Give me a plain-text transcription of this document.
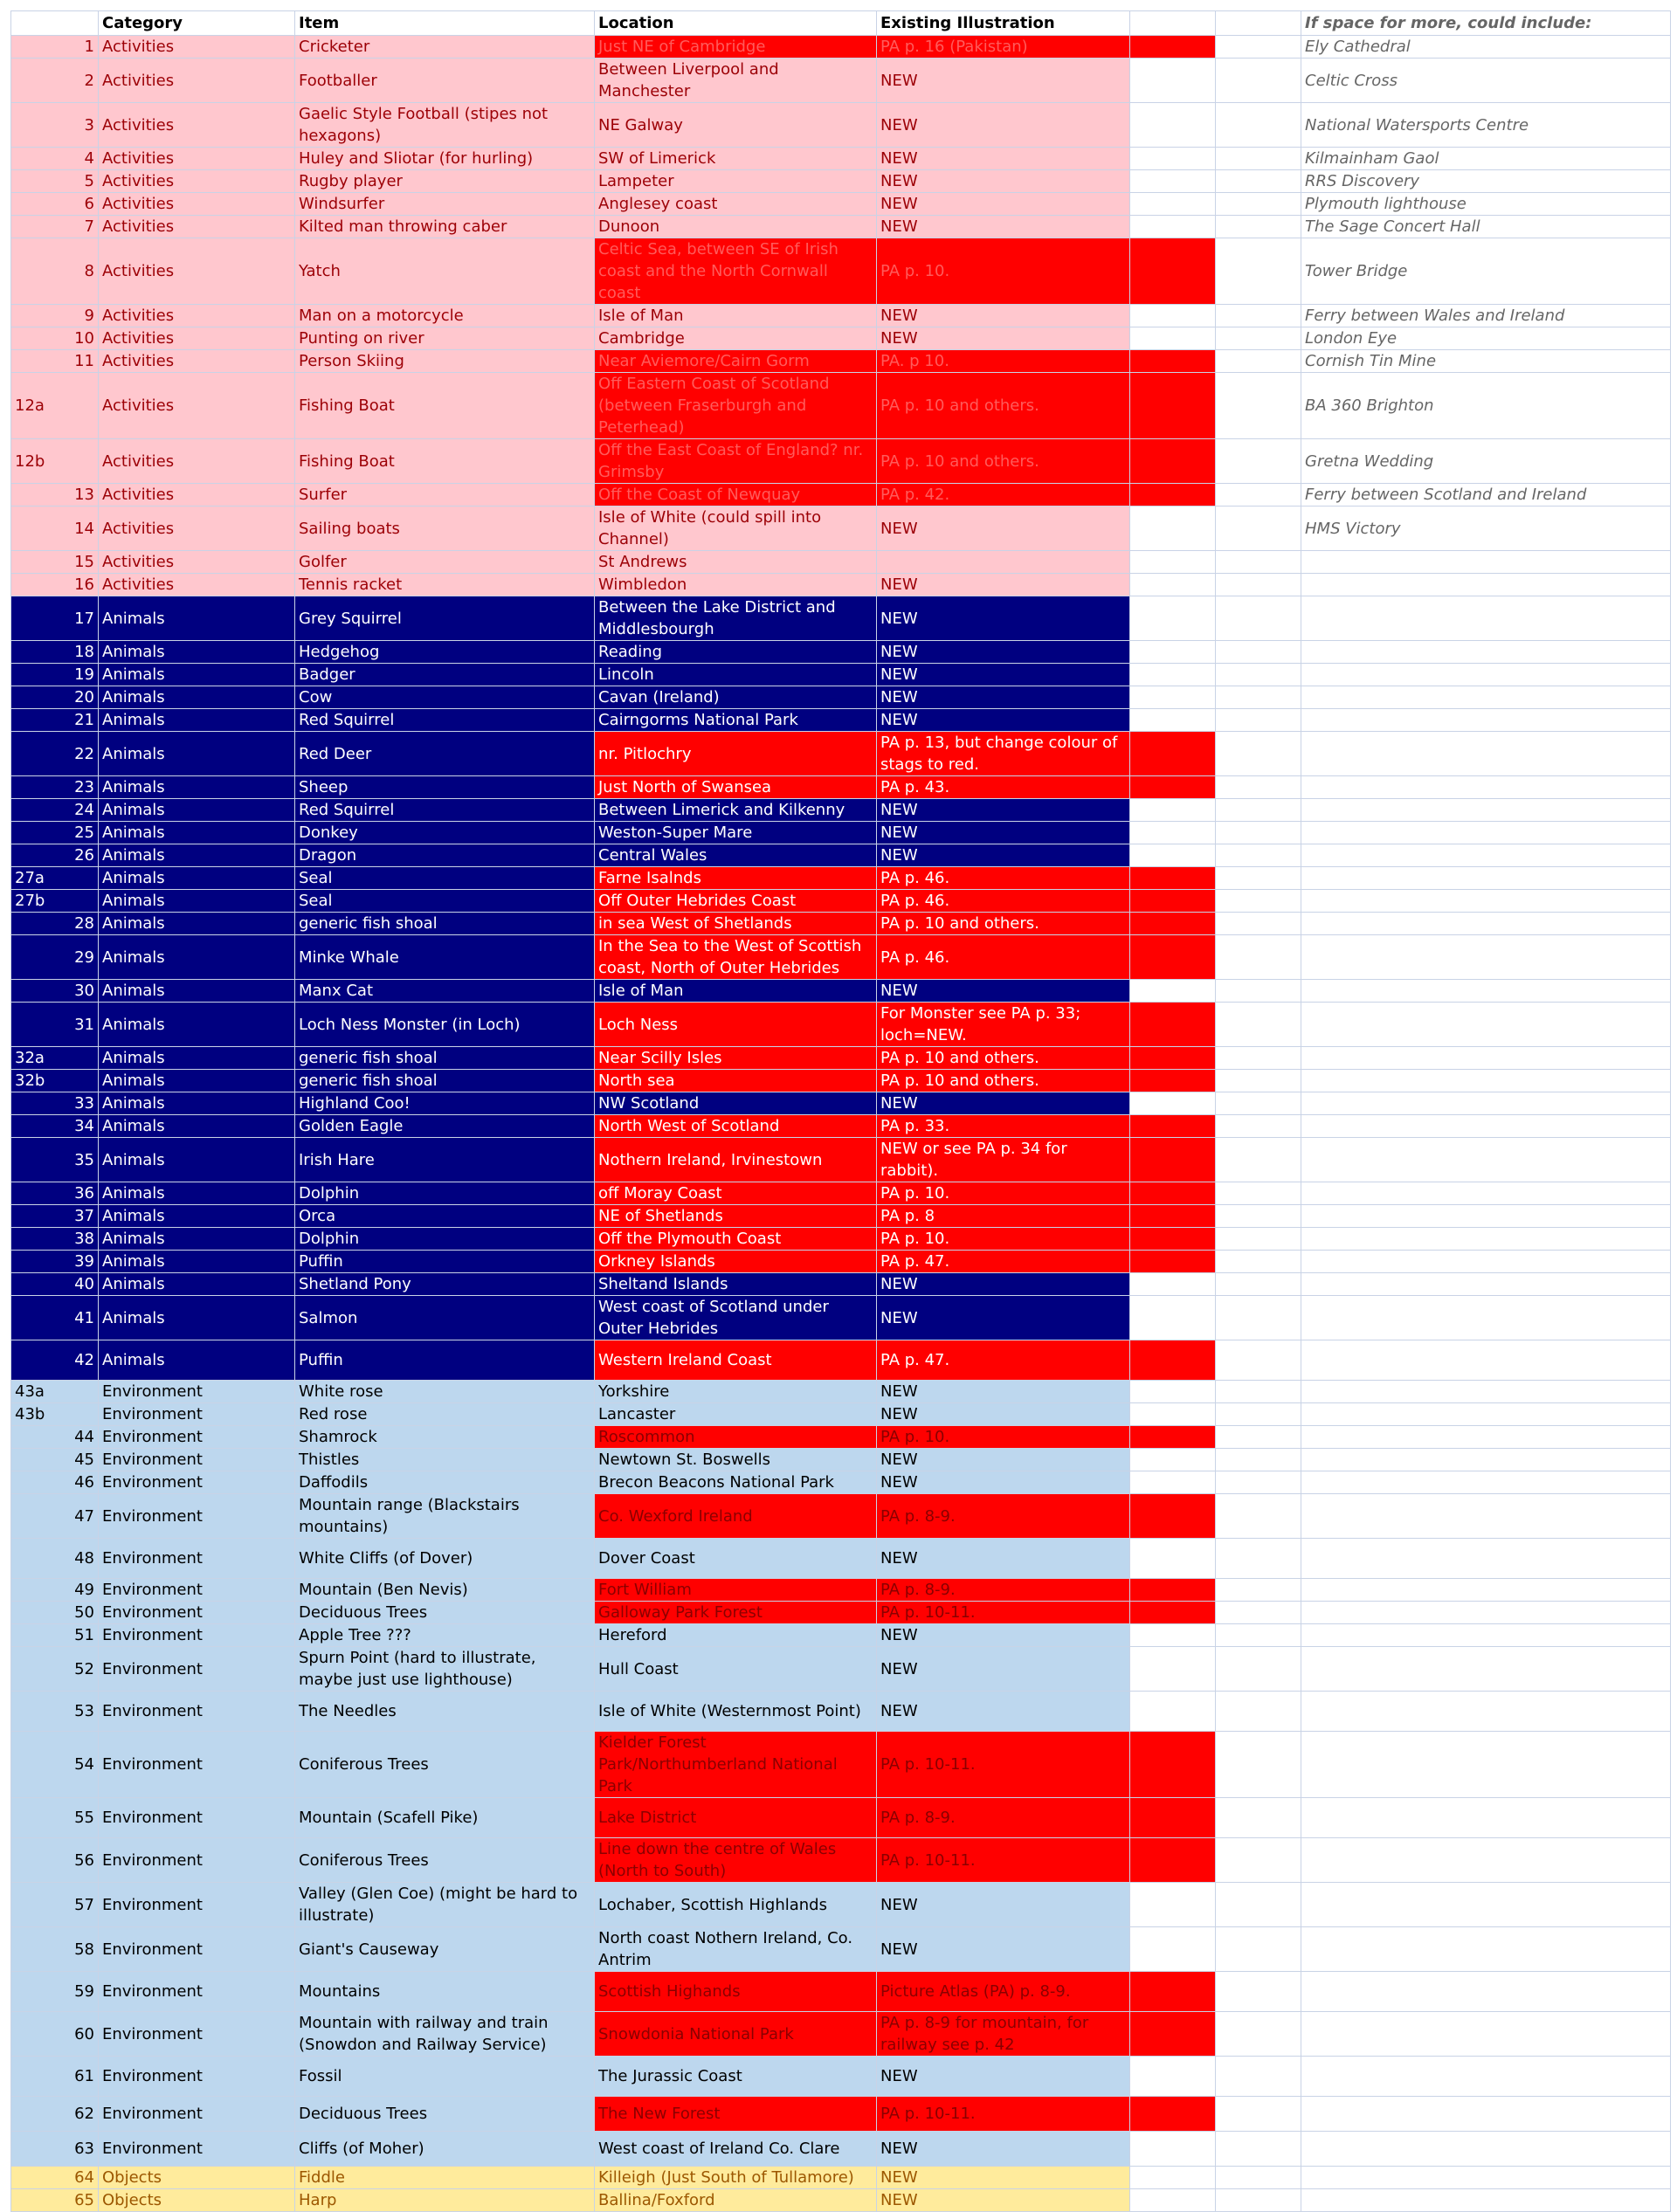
	Category	Item	Location	Existing Illustration			If space for more, could include:
1	Activities	Cricketer	Just NE of Cambridge	PA p. 16 (Pakistan)			Ely Cathedral
2	Activities	Footballer	Between Liverpool and Manchester	NEW			Celtic Cross
3	Activities	Gaelic Style Football (stipes not hexagons)	NE Galway	NEW			National Watersports Centre
4	Activities	Huley and Sliotar (for hurling)	SW of Limerick	NEW			Kilmainham Gaol
5	Activities	Rugby player	Lampeter	NEW			RRS Discovery
6	Activities	Windsurfer	Anglesey coast	NEW			Plymouth lighthouse
7	Activities	Kilted man throwing caber	Dunoon	NEW			The Sage Concert Hall
8	Activities	Yatch	Celtic Sea, between SE of Irish coast and the North Cornwall coast	PA p. 10.			Tower Bridge
9	Activities	Man on a motorcycle	Isle of Man	NEW			Ferry between Wales and Ireland
10	Activities	Punting on river	Cambridge	NEW			London Eye
11	Activities	Person Skiing	Near Aviemore/Cairn Gorm	PA. p 10.			Cornish Tin Mine
12a	Activities	Fishing Boat	Off Eastern Coast of Scotland (between Fraserburgh and Peterhead)	PA p. 10 and others.			BA 360 Brighton
12b	Activities	Fishing Boat	Off the East Coast of England? nr. Grimsby	PA p. 10 and others.			Gretna Wedding
13	Activities	Surfer	Off the Coast of Newquay	PA p. 42.			Ferry between Scotland and Ireland
14	Activities	Sailing boats	Isle of White (could spill into Channel)	NEW			HMS Victory
15	Activities	Golfer	St Andrews				
16	Activities	Tennis racket	Wimbledon	NEW			
17	Animals	Grey Squirrel	Between the Lake District and Middlesbourgh	NEW			
18	Animals	Hedgehog	Reading	NEW			
19	Animals	Badger	Lincoln	NEW			
20	Animals	Cow	Cavan (Ireland)	NEW			
21	Animals	Red Squirrel	Cairngorms National Park	NEW			
22	Animals	Red Deer	nr. Pitlochry	PA p. 13, but change colour of stags to red.			
23	Animals	Sheep	Just North of Swansea	PA p. 43.			
24	Animals	Red Squirrel	Between Limerick and Kilkenny	NEW			
25	Animals	Donkey	Weston-Super Mare	NEW			
26	Animals	Dragon	Central Wales	NEW			
27a	Animals	Seal	Farne Isalnds	PA p. 46.			
27b	Animals	Seal	Off Outer Hebrides Coast	PA p. 46.			
28	Animals	generic fish shoal	in sea West of Shetlands	PA p. 10 and others.			
29	Animals	Minke Whale	In the Sea to the West of Scottish coast, North of Outer Hebrides	PA p. 46.			
30	Animals	Manx Cat	Isle of Man	NEW			
31	Animals	Loch Ness Monster (in Loch)	Loch Ness	For Monster see PA p. 33; loch=NEW.			
32a	Animals	generic fish shoal	Near Scilly Isles	PA p. 10 and others.			
32b	Animals	generic fish shoal	North sea	PA p. 10 and others.			
33	Animals	Highland Coo!	NW Scotland	NEW			
34	Animals	Golden Eagle	North West of Scotland	PA p. 33.			
35	Animals	Irish Hare	Nothern Ireland, Irvinestown	NEW or see PA p. 34 for rabbit).			
36	Animals	Dolphin	off Moray Coast	PA p. 10.			
37	Animals	Orca	NE of Shetlands	PA p. 8			
38	Animals	Dolphin	Off the Plymouth Coast	PA p. 10.			
39	Animals	Puffin	Orkney Islands	PA p. 47.			
40	Animals	Shetland Pony	Sheltand Islands	NEW			
41	Animals	Salmon	West coast of Scotland under Outer Hebrides	NEW			
42	Animals	Puffin	Western Ireland Coast	PA p. 47.			
43a	Environment	White rose	Yorkshire	NEW			
43b	Environment	Red rose	Lancaster	NEW			
44	Environment	Shamrock	Roscommon	PA p. 10.			
45	Environment	Thistles	Newtown St. Boswells	NEW			
46	Environment	Daffodils	Brecon Beacons National Park	NEW			
47	Environment	Mountain range (Blackstairs mountains)	Co. Wexford Ireland	PA p. 8-9.			
48	Environment	White Cliffs (of Dover)	Dover Coast	NEW			
49	Environment	Mountain (Ben Nevis)	Fort William	PA p. 8-9.			
50	Environment	Deciduous Trees	Galloway Park Forest	PA p. 10-11.			
51	Environment	Apple Tree ???	Hereford	NEW			
52	Environment	Spurn Point (hard to illustrate, maybe just use lighthouse)	Hull Coast	NEW			
53	Environment	The Needles	Isle of White (Westernmost Point)	NEW			
54	Environment	Coniferous Trees	Kielder Forest Park/Northumberland National Park	PA p. 10-11.			
55	Environment	Mountain (Scafell Pike)	Lake District	PA p. 8-9.			
56	Environment	Coniferous Trees	Line down the centre of Wales (North to South)	PA p. 10-11.			
57	Environment	Valley (Glen Coe) (might be hard to illustrate)	Lochaber, Scottish Highlands	NEW			
58	Environment	Giant's Causeway	North coast Nothern Ireland, Co. Antrim	NEW			
59	Environment	Mountains	Scottish Highands	Picture Atlas (PA) p. 8-9.			
60	Environment	Mountain with railway and train (Snowdon and Railway Service)	Snowdonia National Park	PA p. 8-9 for mountain, for railway see p. 42			
61	Environment	Fossil	The Jurassic Coast	NEW			
62	Environment	Deciduous Trees	The New Forest	PA p. 10-11.			
63	Environment	Cliffs (of Moher)	West coast of Ireland Co. Clare	NEW			
64	Objects	Fiddle	Killeigh (Just South of Tullamore)	NEW			
65	Objects	Harp	Ballina/Foxford	NEW			
